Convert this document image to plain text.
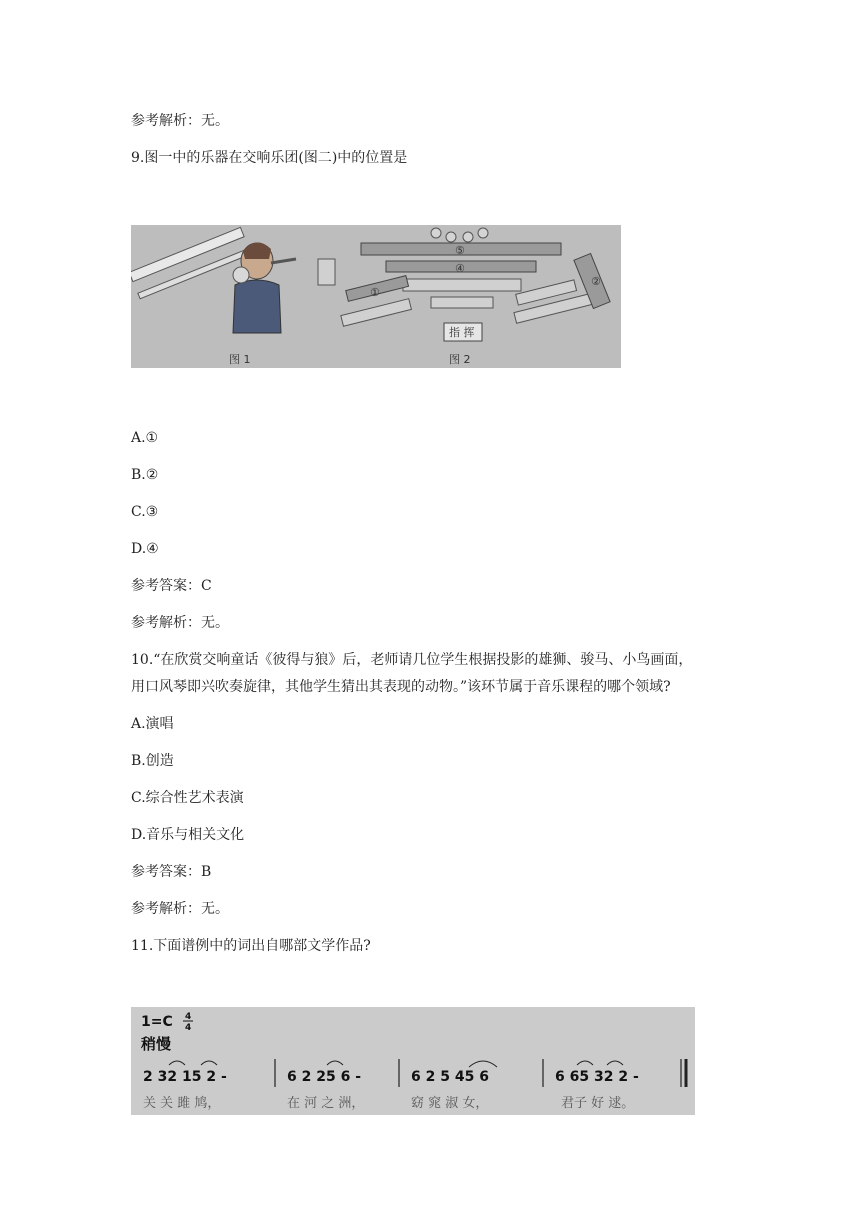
参考解析：无。
9.图一中的乐器在交响乐团(图二)中的位置是
图 1
⑤
④
①
②
指 挥
图 2
A.①
B.②
C.③
D.④
参考答案：C
参考解析：无。
10.“在欣赏交响童话《彼得与狼》后，老师请几位学生根据投影的雄狮、骏马、小鸟画面，
用口风琴即兴吹奏旋律，其他学生猜出其表现的动物。”该环节属于音乐课程的哪个领域?
A.演唱
B.创造
C.综合性艺术表演
D.音乐与相关文化
参考答案：B
参考解析：无。
11.下面谱例中的词出自哪部文学作品?
1=C 4
4
稍慢
2 32 15 2 -	6 2 25 6 -	6 2 5 45 6	6 65 32 2 -
关 关 雎 鸠，	在 河 之 洲，	窈 窕 淑 女，	君子 好 逑。
